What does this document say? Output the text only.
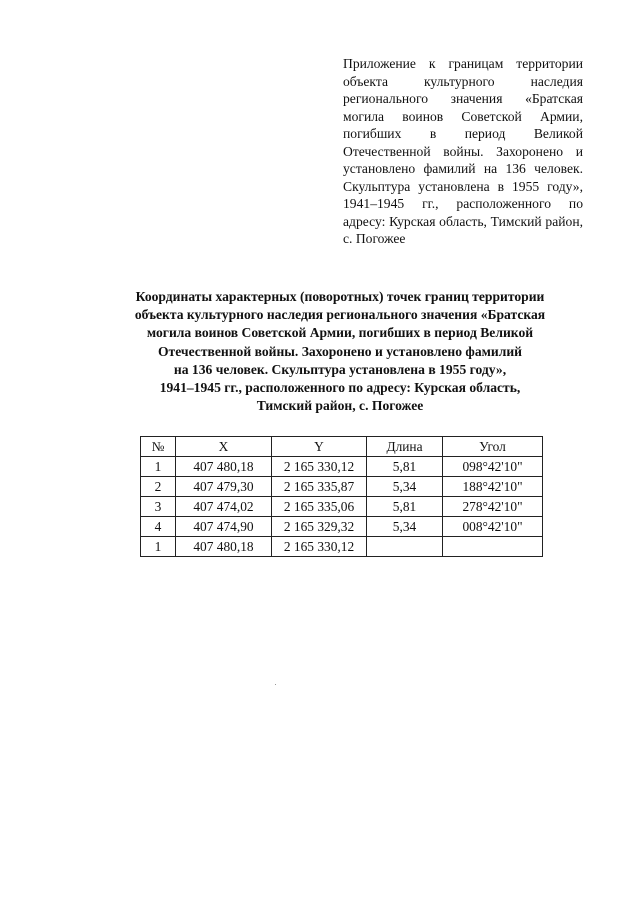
Приложение к границам территории объекта культурного наследия регионального значения «Братская могила воинов Советской Армии, погибших в период Великой Отечественной войны. Захоронено и установлено фамилий на 136 человек. Скульптура установлена в 1955 году», 1941–1945 гг., расположенного по адресу: Курская область, Тимский район, с. Погожее
Координаты характерных (поворотных) точек границ территории
объекта культурного наследия регионального значения «Братская
могила воинов Советской Армии, погибших в период Великой
Отечественной войны. Захоронено и установлено фамилий
на 136 человек. Скульптура установлена в 1955 году»,
1941–1945 гг., расположенного по адресу: Курская область,
Тимский район, с. Погожее
№	X	Y	Длина	Угол
1	407 480,18	2 165 330,12	5,81	098°42'10"
2	407 479,30	2 165 335,87	5,34	188°42'10"
3	407 474,02	2 165 335,06	5,81	278°42'10"
4	407 474,90	2 165 329,32	5,34	008°42'10"
1	407 480,18	2 165 330,12		
